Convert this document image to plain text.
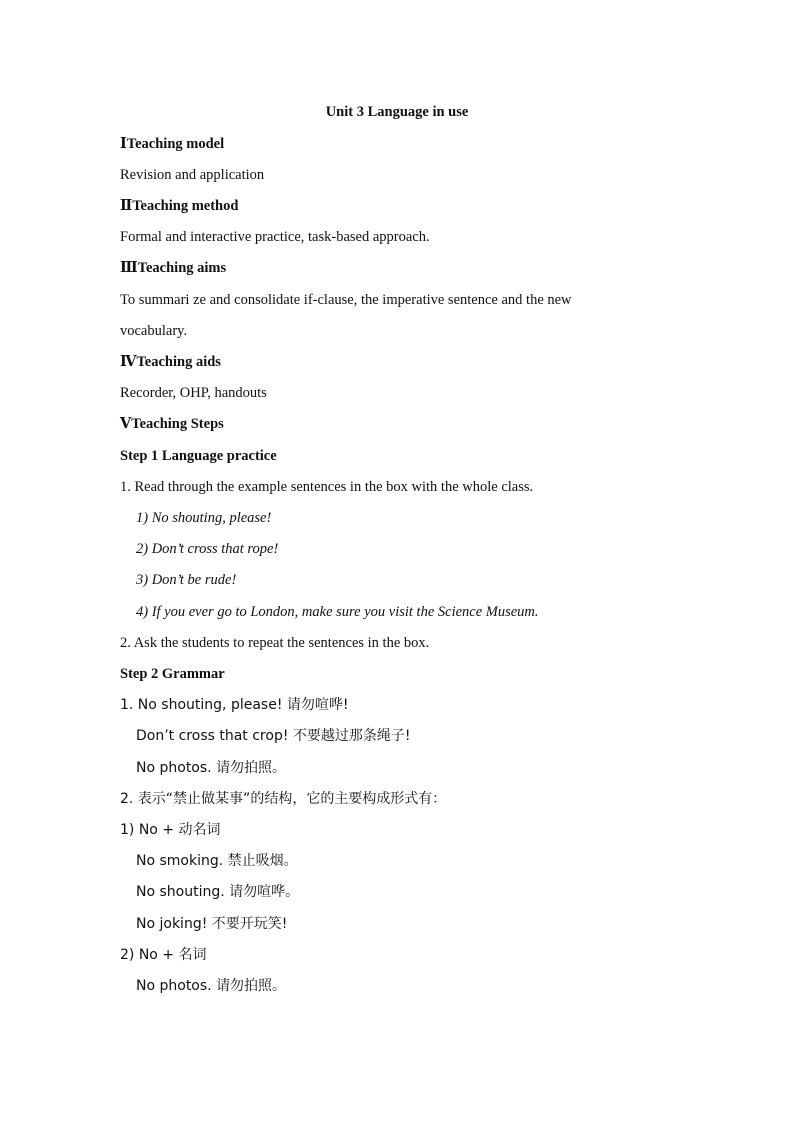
Unit 3 Language in use
ⅠTeaching model
Revision and application
ⅡTeaching method
Formal and interactive practice, task-based approach.
ⅢTeaching aims
To summari ze and consolidate if-clause, the imperative sentence and the new
vocabulary.
ⅣTeaching aids
Recorder, OHP, handouts
ⅤTeaching Steps
Step 1 Language practice
1. Read through the example sentences in the box with the whole class.
1) No shouting, please!
2) Don’t cross that rope!
3) Don’t be rude!
4) If you ever go to London, make sure you visit the Science Museum.
2. Ask the students to repeat the sentences in the box.
Step 2 Grammar
1. No shouting, please! 请勿喧哗!
Don’t cross that crop! 不要越过那条绳子!
No photos. 请勿拍照。
2. 表示“禁止做某事”的结构，它的主要构成形式有：
1) No + 动名词
No smoking. 禁止吸烟。
No shouting. 请勿喧哗。
No joking! 不要开玩笑!
2) No + 名词
No photos. 请勿拍照。
